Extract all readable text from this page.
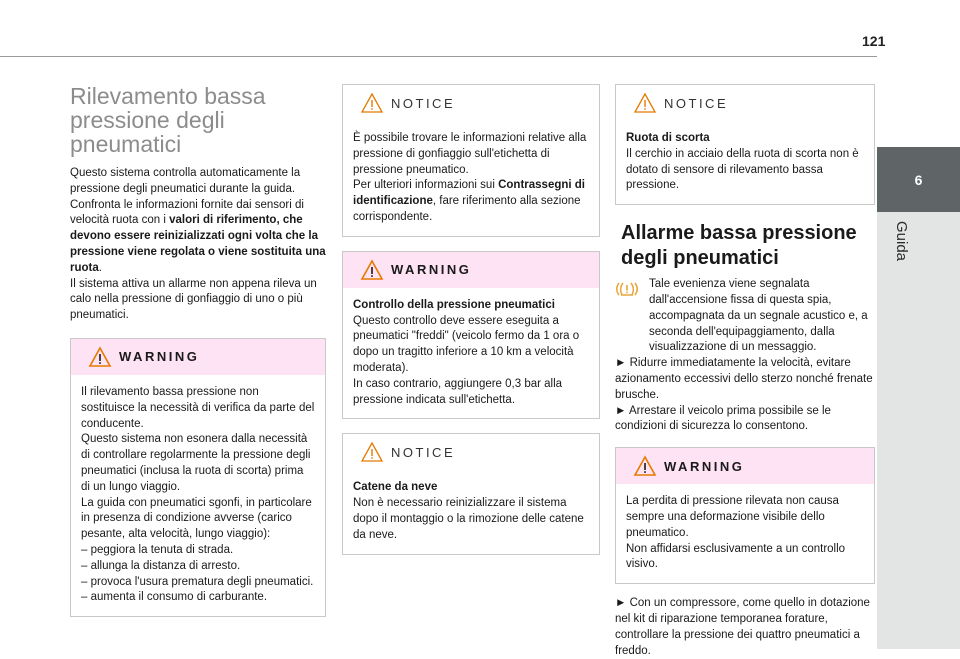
121
6
Guida
Rilevamento bassa
pressione degli
pneumatici

Questo sistema controlla automaticamente la pressione degli pneumatici durante la guida.

Confronta le informazioni fornite dai sensori di velocità ruota con i valori di riferimento, che devono essere reinizializzati ogni volta che la pressione viene regolata o viene sostituita una ruota.

Il sistema attiva un allarme non appena rileva un calo nella pressione di gonfiaggio di uno o più pneumatici.

WARNING

Il rilevamento bassa pressione non sostituisce la necessità di verifica da parte del conducente.

Questo sistema non esonera dalla necessità di controllare regolarmente la pressione degli pneumatici (inclusa la ruota di scorta) prima di un lungo viaggio.

La guida con pneumatici sgonfi, in particolare in presenza di condizione avverse (carico pesante, alta velocità, lungo viaggio):

– peggiora la tenuta di strada.

– allunga la distanza di arresto.

– provoca l'usura prematura degli pneumatici.

– aumenta il consumo di carburante.

NOTICE

È possibile trovare le informazioni relative alla pressione di gonfiaggio sull'etichetta di pressione pneumatico.

Per ulteriori informazioni sui Contrassegni di identificazione, fare riferimento alla sezione corrispondente.

WARNING

Controllo della pressione pneumatici

Questo controllo deve essere eseguita a pneumatici "freddi" (veicolo fermo da 1 ora o dopo un tragitto inferiore a 10 km a velocità moderata).

In caso contrario, aggiungere 0,3 bar alla pressione indicata sull'etichetta.

NOTICE

Catene da neve

Non è necessario reinizializzare il sistema dopo il montaggio o la rimozione delle catene da neve.

NOTICE

Ruota di scorta

Il cerchio in acciaio della ruota di scorta non è dotato di sensore di rilevamento bassa pressione.

Allarme bassa pressione
degli pneumatici

Tale evenienza viene segnalata dall'accensione fissa di questa spia, accompagnata da un segnale acustico e, a seconda dell'equipaggiamento, dalla visualizzazione di un messaggio.

► Ridurre immediatamente la velocità, evitare azionamento eccessivi dello sterzo nonché frenate brusche.

► Arrestare il veicolo prima possibile se le condizioni di sicurezza lo consentono.

WARNING

La perdita di pressione rilevata non causa sempre una deformazione visibile dello pneumatico.

Non affidarsi esclusivamente a un controllo visivo.

► Con un compressore, come quello in dotazione nel kit di riparazione temporanea forature, controllare la pressione dei quattro pneumatici a freddo.
